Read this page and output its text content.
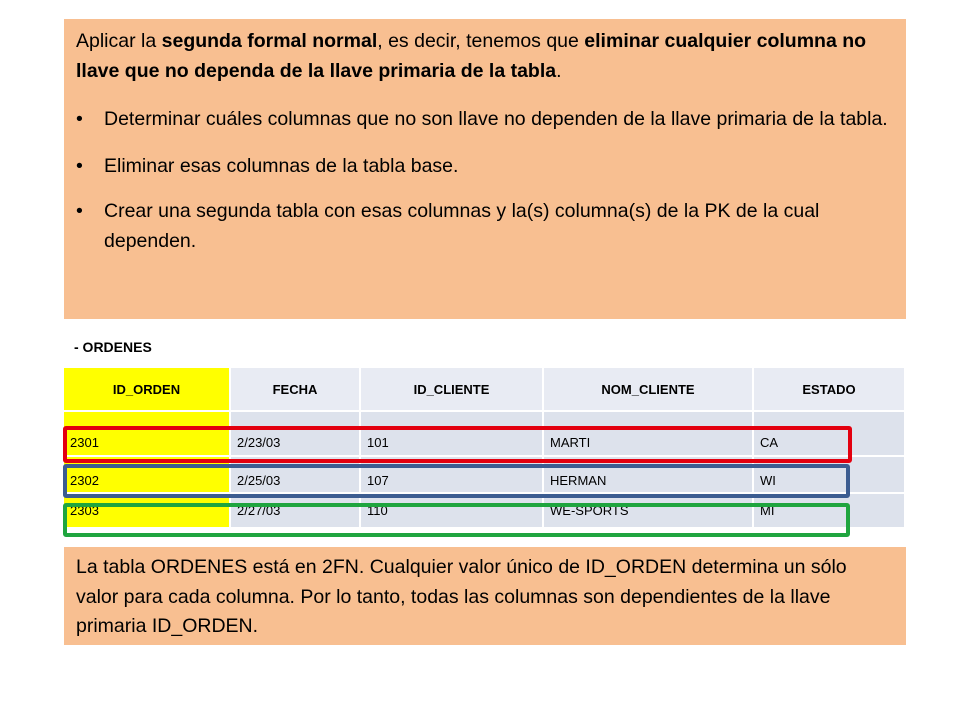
Aplicar la segunda formal normal, es decir, tenemos que eliminar cualquier columna no llave que no dependa de la llave primaria de la tabla.

• Determinar cuáles columnas que no son llave no dependen de la llave primaria de la tabla.
• Eliminar esas columnas de la tabla base.
• Crear una segunda tabla con esas columnas y la(s) columna(s) de la PK de la cual dependen.
- ORDENES
ID_ORDEN	FECHA	ID_CLIENTE	NOM_CLIENTE	ESTADO
2301	2/23/03	101	MARTI	CA
2302	2/25/03	107	HERMAN	WI
2303	2/27/03	110	WE-SPORTS	MI

La tabla ORDENES está en 2FN. Cualquier valor único de ID_ORDEN determina un sólo valor para cada columna. Por lo tanto, todas las columnas son dependientes de la llave primaria ID_ORDEN.
